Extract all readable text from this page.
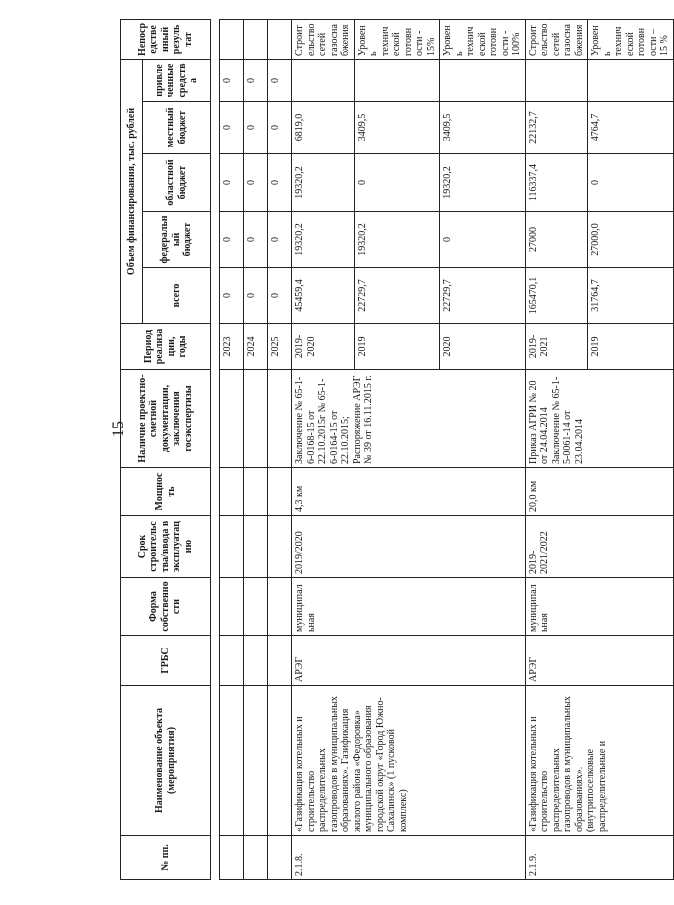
15
№ пп.	Наименование объекта (мероприятия)	ГРБС	Форма собственности	Срок строительства/ввода в эксплуатацию	Мощность	Наличие проектно-сметной документации, заключения госэкспертизы	Период реализации, годы	Объем финансирования, тыс. рублей					Непосредственный результат
								всего	федеральный бюджет	областной бюджет	местный бюджет	привлеченные средства	

							2023	0	0	0	0	0	
							2024	0	0	0	0	0	
							2025	0	0	0	0	0	
2.1.8.	«Газификация котельных и строительство распределительных газопроводов в муниципальных образованиях». Газификация жилого района «Федоровка» муниципального образования городской округ «Город Южно-Сахалинск» (1 пусковой комплекс)	АРЭГ	муниципальная	2019/2020	4,3 км	Заключение № 65-1-6-0168-15 от 22.10.2015г № 65-1-6-0164-15 от 22.10.2015; Распоряжение АРЭГ № 39 от 16.11.2015 г.	2019-2020	45459,4	19320,2	19320,2	6819,0		Строительство сетей газоснабжения
							2019	22729,7	19320,2	0	3409,5		Уровень технической готовности - 15%
							2020	22729,7	0	19320,2	3409,5		Уровень технической готовности - 100%
2.1.9.	«Газификация котельных и строительство распределительных газопроводов в муниципальных образованиях». (внутрипоселковые распределительные и	АРЭГ	муниципальная	2019-2021/2022	20,0 км	Приказ АГРИ № 20 от 24.04.2014 Заключение № 65-1-5-0061-14 от 23.04.2014	2019-2021	165470,1	27000	116337,4	22132,7		Строительство сетей газоснабжения
							2019	31764,7	27000,0	0	4764,7		Уровень технической готовности – 15 %
